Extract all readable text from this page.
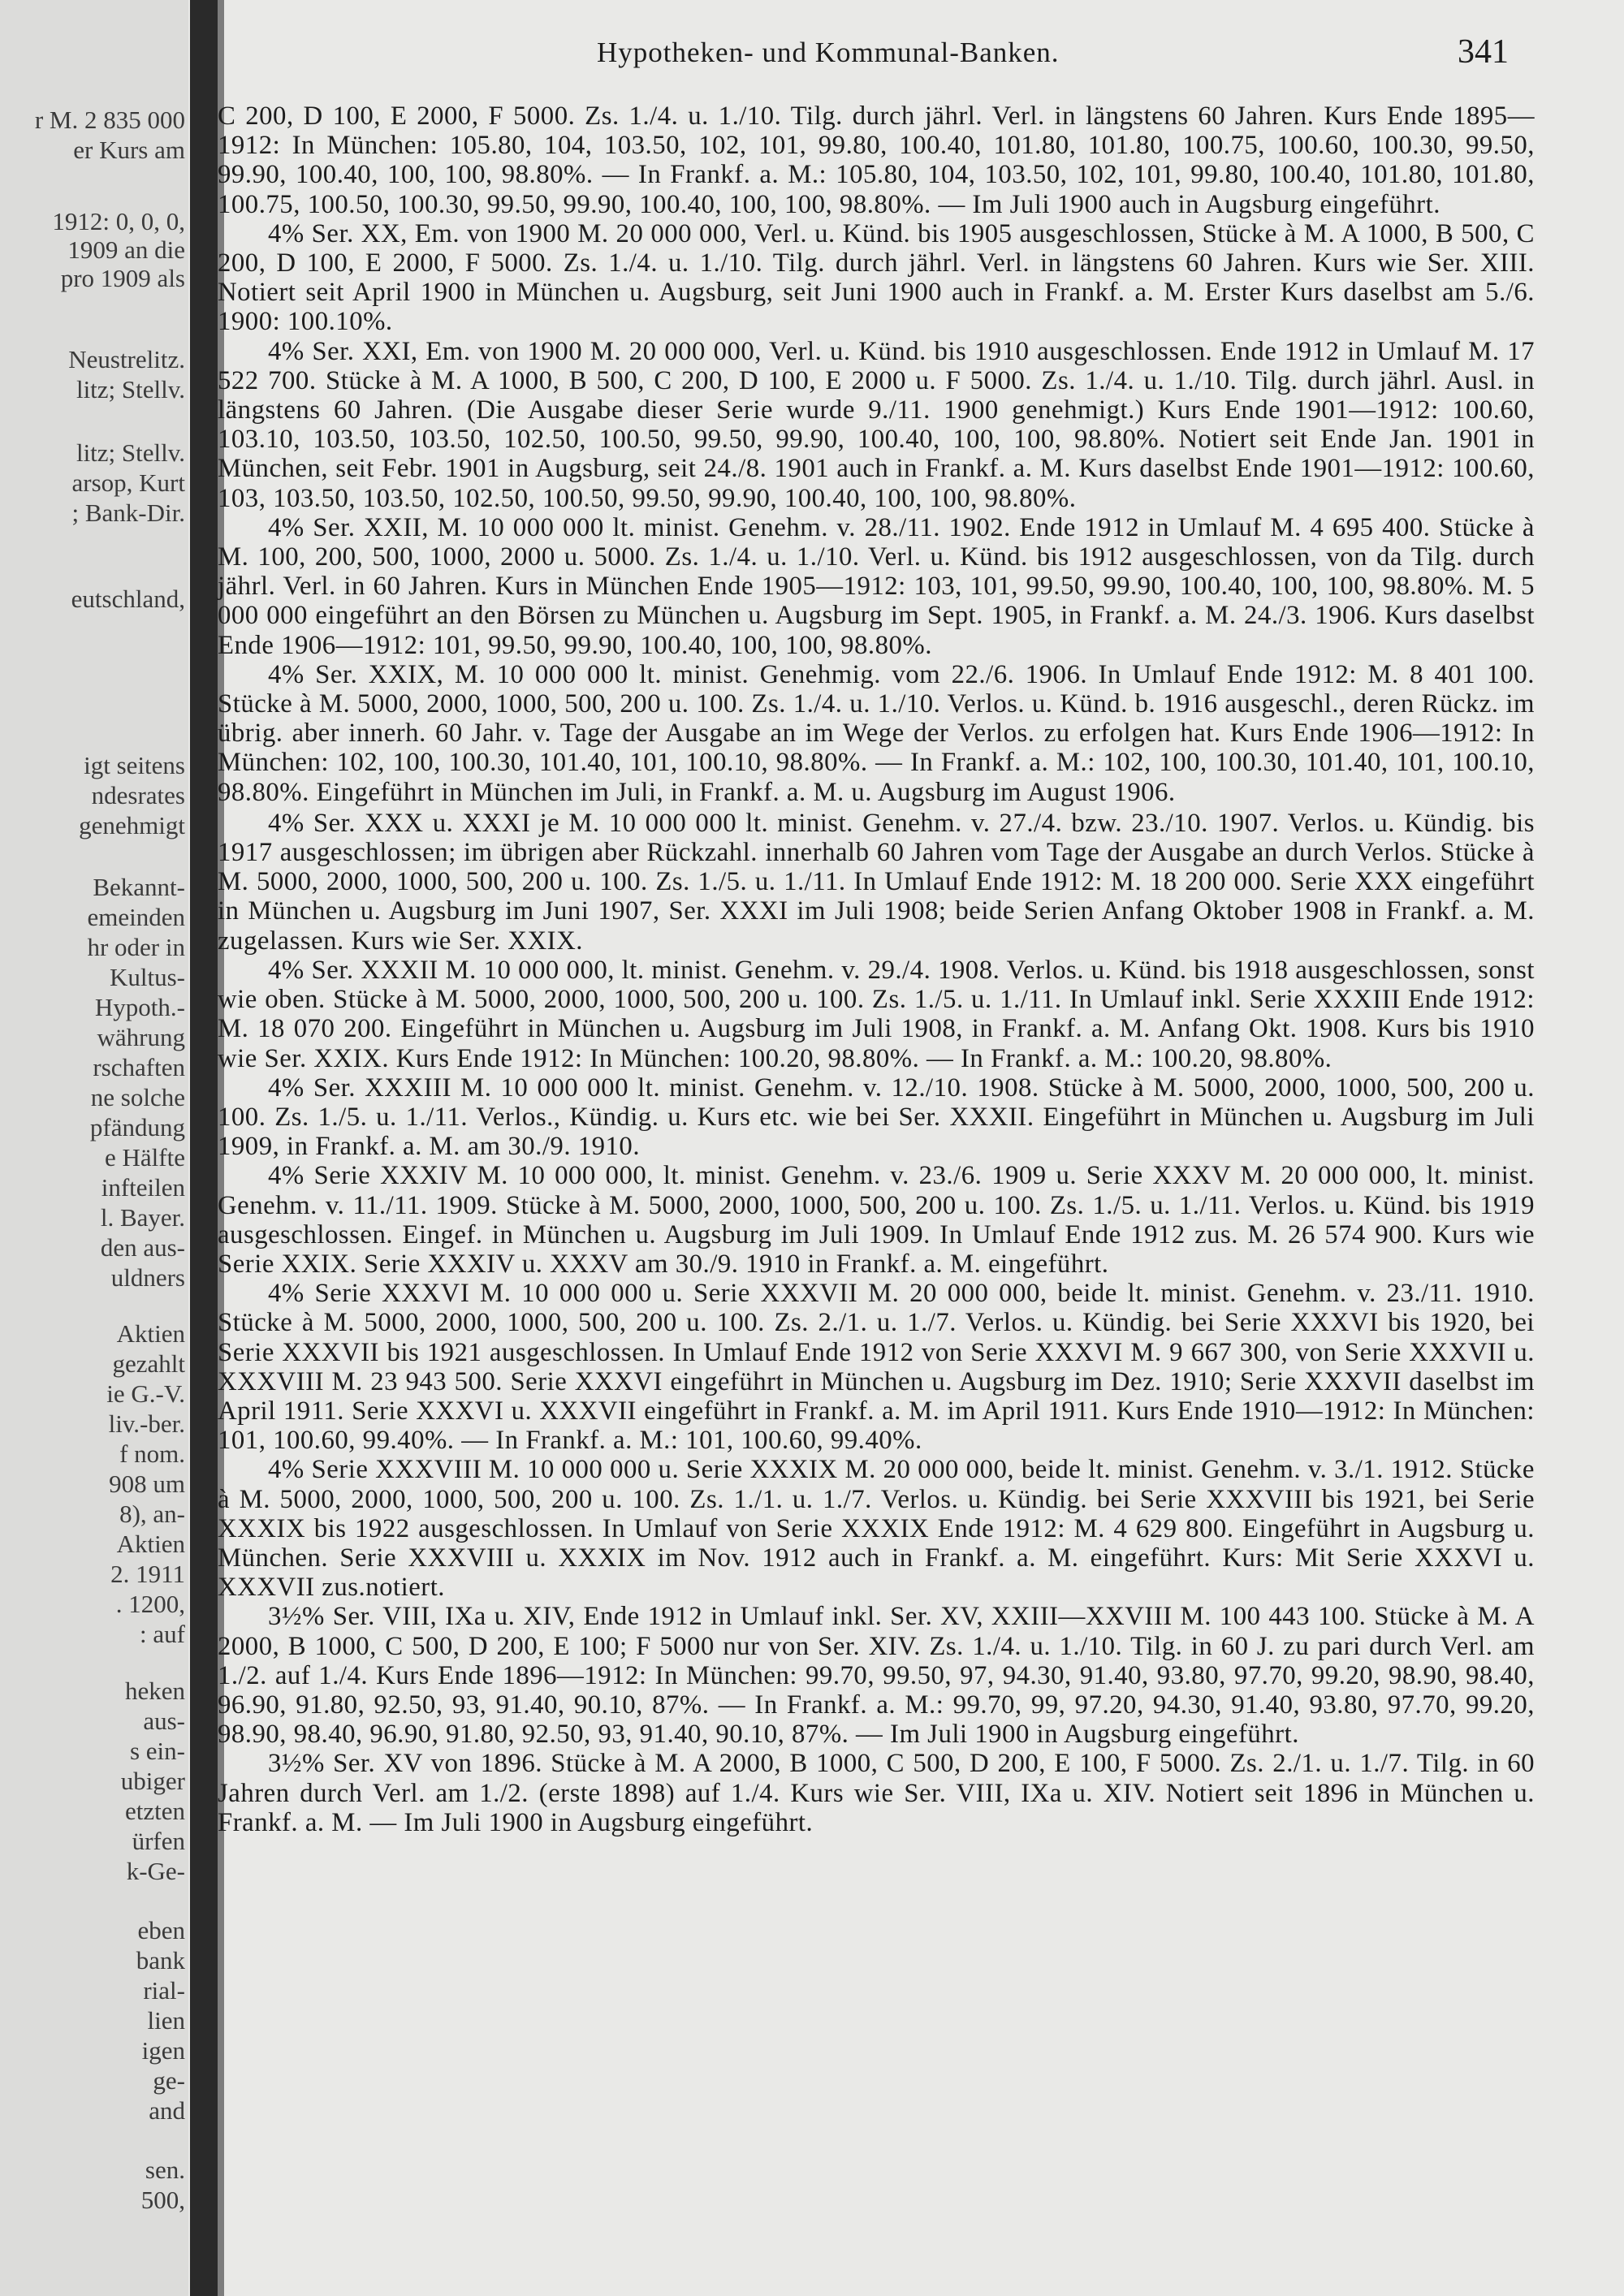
r M. 2 835 000
er Kurs am
1912: 0, 0, 0,
1909 an die
pro 1909 als
Neustrelitz.
litz; Stellv.
litz; Stellv.
arsop, Kurt
; Bank-Dir.
eutschland,
igt seitens
ndesrates
genehmigt
Bekannt-
emeinden
hr oder in
Kultus-
Hypoth.-
währung
rschaften
ne solche
pfändung
e Hälfte
infteilen
l. Bayer.
den aus-
uldners
Aktien
gezahlt
ie G.-V.
liv.-ber.
f nom.
908 um
8), an-
Aktien
2. 1911
. 1200,
: auf
heken
aus-
s ein-
ubiger
etzten
ürfen
k-Ge-
eben
bank
rial-
lien
igen
ge-
and
sen.
500,
Hypotheken- und Kommunal-Banken.	341

C 200, D 100, E 2000, F 5000. Zs. 1./4. u. 1./10. Tilg. durch jährl. Verl. in längstens 60 Jahren. Kurs Ende 1895—1912: In München: 105.80, 104, 103.50, 102, 101, 99.80, 100.40, 101.80, 101.80, 100.75, 100.60, 100.30, 99.50, 99.90, 100.40, 100, 100, 98.80%. — In Frankf. a. M.: 105.80, 104, 103.50, 102, 101, 99.80, 100.40, 101.80, 101.80, 100.75, 100.50, 100.30, 99.50, 99.90, 100.40, 100, 100, 98.80%. — Im Juli 1900 auch in Augsburg eingeführt.

4% Ser. XX, Em. von 1900 M. 20 000 000, Verl. u. Künd. bis 1905 ausgeschlossen, Stücke à M. A 1000, B 500, C 200, D 100, E 2000, F 5000. Zs. 1./4. u. 1./10. Tilg. durch jährl. Verl. in längstens 60 Jahren. Kurs wie Ser. XIII. Notiert seit April 1900 in München u. Augsburg, seit Juni 1900 auch in Frankf. a. M. Erster Kurs daselbst am 5./6. 1900: 100.10%.

4% Ser. XXI, Em. von 1900 M. 20 000 000, Verl. u. Künd. bis 1910 ausgeschlossen. Ende 1912 in Umlauf M. 17 522 700. Stücke à M. A 1000, B 500, C 200, D 100, E 2000 u. F 5000. Zs. 1./4. u. 1./10. Tilg. durch jährl. Ausl. in längstens 60 Jahren. (Die Ausgabe dieser Serie wurde 9./11. 1900 genehmigt.) Kurs Ende 1901—1912: 100.60, 103.10, 103.50, 103.50, 102.50, 100.50, 99.50, 99.90, 100.40, 100, 100, 98.80%. Notiert seit Ende Jan. 1901 in München, seit Febr. 1901 in Augsburg, seit 24./8. 1901 auch in Frankf. a. M. Kurs daselbst Ende 1901—1912: 100.60, 103, 103.50, 103.50, 102.50, 100.50, 99.50, 99.90, 100.40, 100, 100, 98.80%.

4% Ser. XXII, M. 10 000 000 lt. minist. Genehm. v. 28./11. 1902. Ende 1912 in Umlauf M. 4 695 400. Stücke à M. 100, 200, 500, 1000, 2000 u. 5000. Zs. 1./4. u. 1./10. Verl. u. Künd. bis 1912 ausgeschlossen, von da Tilg. durch jährl. Verl. in 60 Jahren. Kurs in München Ende 1905—1912: 103, 101, 99.50, 99.90, 100.40, 100, 100, 98.80%. M. 5 000 000 eingeführt an den Börsen zu München u. Augsburg im Sept. 1905, in Frankf. a. M. 24./3. 1906. Kurs daselbst Ende 1906—1912: 101, 99.50, 99.90, 100.40, 100, 100, 98.80%.

4% Ser. XXIX, M. 10 000 000 lt. minist. Genehmig. vom 22./6. 1906. In Umlauf Ende 1912: M. 8 401 100. Stücke à M. 5000, 2000, 1000, 500, 200 u. 100. Zs. 1./4. u. 1./10. Verlos. u. Künd. b. 1916 ausgeschl., deren Rückz. im übrig. aber innerh. 60 Jahr. v. Tage der Ausgabe an im Wege der Verlos. zu erfolgen hat. Kurs Ende 1906—1912: In München: 102, 100, 100.30, 101.40, 101, 100.10, 98.80%. — In Frankf. a. M.: 102, 100, 100.30, 101.40, 101, 100.10, 98.80%. Eingeführt in München im Juli, in Frankf. a. M. u. Augsburg im August 1906.

4% Ser. XXX u. XXXI je M. 10 000 000 lt. minist. Genehm. v. 27./4. bzw. 23./10. 1907. Verlos. u. Kündig. bis 1917 ausgeschlossen; im übrigen aber Rückzahl. innerhalb 60 Jahren vom Tage der Ausgabe an durch Verlos. Stücke à M. 5000, 2000, 1000, 500, 200 u. 100. Zs. 1./5. u. 1./11. In Umlauf Ende 1912: M. 18 200 000. Serie XXX eingeführt in München u. Augsburg im Juni 1907, Ser. XXXI im Juli 1908; beide Serien Anfang Oktober 1908 in Frankf. a. M. zugelassen. Kurs wie Ser. XXIX.

4% Ser. XXXII M. 10 000 000, lt. minist. Genehm. v. 29./4. 1908. Verlos. u. Künd. bis 1918 ausgeschlossen, sonst wie oben. Stücke à M. 5000, 2000, 1000, 500, 200 u. 100. Zs. 1./5. u. 1./11. In Umlauf inkl. Serie XXXIII Ende 1912: M. 18 070 200. Eingeführt in München u. Augsburg im Juli 1908, in Frankf. a. M. Anfang Okt. 1908. Kurs bis 1910 wie Ser. XXIX. Kurs Ende 1912: In München: 100.20, 98.80%. — In Frankf. a. M.: 100.20, 98.80%.

4% Ser. XXXIII M. 10 000 000 lt. minist. Genehm. v. 12./10. 1908. Stücke à M. 5000, 2000, 1000, 500, 200 u. 100. Zs. 1./5. u. 1./11. Verlos., Kündig. u. Kurs etc. wie bei Ser. XXXII. Eingeführt in München u. Augsburg im Juli 1909, in Frankf. a. M. am 30./9. 1910.

4% Serie XXXIV M. 10 000 000, lt. minist. Genehm. v. 23./6. 1909 u. Serie XXXV M. 20 000 000, lt. minist. Genehm. v. 11./11. 1909. Stücke à M. 5000, 2000, 1000, 500, 200 u. 100. Zs. 1./5. u. 1./11. Verlos. u. Künd. bis 1919 ausgeschlossen. Eingef. in München u. Augsburg im Juli 1909. In Umlauf Ende 1912 zus. M. 26 574 900. Kurs wie Serie XXIX. Serie XXXIV u. XXXV am 30./9. 1910 in Frankf. a. M. eingeführt.

4% Serie XXXVI M. 10 000 000 u. Serie XXXVII M. 20 000 000, beide lt. minist. Genehm. v. 23./11. 1910. Stücke à M. 5000, 2000, 1000, 500, 200 u. 100. Zs. 2./1. u. 1./7. Verlos. u. Kündig. bei Serie XXXVI bis 1920, bei Serie XXXVII bis 1921 ausgeschlossen. In Umlauf Ende 1912 von Serie XXXVI M. 9 667 300, von Serie XXXVII u. XXXVIII M. 23 943 500. Serie XXXVI eingeführt in München u. Augsburg im Dez. 1910; Serie XXXVII daselbst im April 1911. Serie XXXVI u. XXXVII eingeführt in Frankf. a. M. im April 1911. Kurs Ende 1910—1912: In München: 101, 100.60, 99.40%. — In Frankf. a. M.: 101, 100.60, 99.40%.

4% Serie XXXVIII M. 10 000 000 u. Serie XXXIX M. 20 000 000, beide lt. minist. Genehm. v. 3./1. 1912. Stücke à M. 5000, 2000, 1000, 500, 200 u. 100. Zs. 1./1. u. 1./7. Verlos. u. Kündig. bei Serie XXXVIII bis 1921, bei Serie XXXIX bis 1922 ausgeschlossen. In Umlauf von Serie XXXIX Ende 1912: M. 4 629 800. Eingeführt in Augsburg u. München. Serie XXXVIII u. XXXIX im Nov. 1912 auch in Frankf. a. M. eingeführt. Kurs: Mit Serie XXXVI u. XXXVII zus.notiert.

3½% Ser. VIII, IXa u. XIV, Ende 1912 in Umlauf inkl. Ser. XV, XXIII—XXVIII M. 100 443 100. Stücke à M. A 2000, B 1000, C 500, D 200, E 100; F 5000 nur von Ser. XIV. Zs. 1./4. u. 1./10. Tilg. in 60 J. zu pari durch Verl. am 1./2. auf 1./4. Kurs Ende 1896—1912: In München: 99.70, 99.50, 97, 94.30, 91.40, 93.80, 97.70, 99.20, 98.90, 98.40, 96.90, 91.80, 92.50, 93, 91.40, 90.10, 87%. — In Frankf. a. M.: 99.70, 99, 97.20, 94.30, 91.40, 93.80, 97.70, 99.20, 98.90, 98.40, 96.90, 91.80, 92.50, 93, 91.40, 90.10, 87%. — Im Juli 1900 in Augsburg eingeführt.

3½% Ser. XV von 1896. Stücke à M. A 2000, B 1000, C 500, D 200, E 100, F 5000. Zs. 2./1. u. 1./7. Tilg. in 60 Jahren durch Verl. am 1./2. (erste 1898) auf 1./4. Kurs wie Ser. VIII, IXa u. XIV. Notiert seit 1896 in München u. Frankf. a. M. — Im Juli 1900 in Augsburg eingeführt.
